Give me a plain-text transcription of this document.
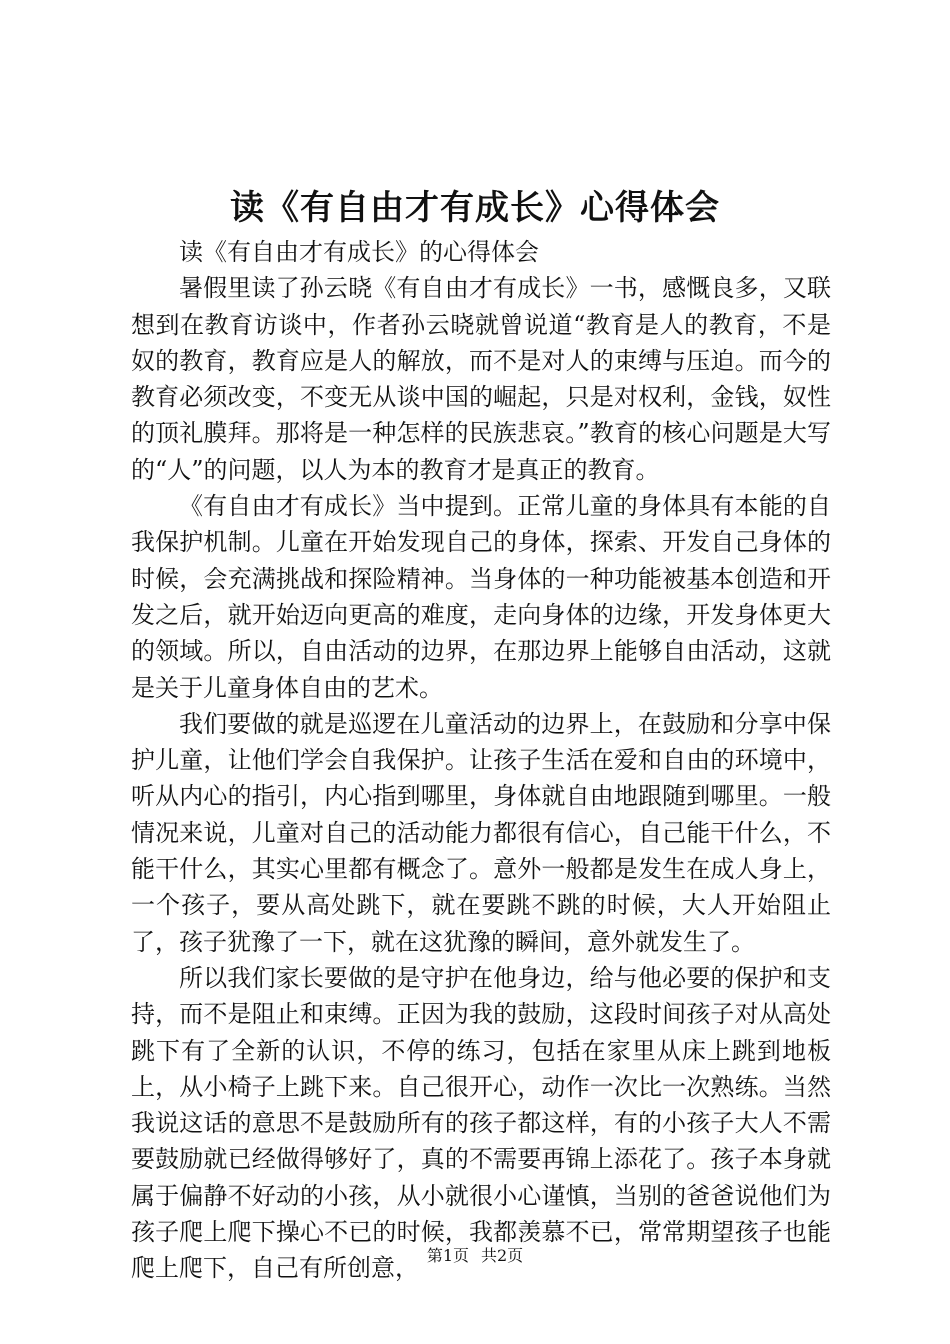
读《有自由才有成长》心得体会

读《有自由才有成长》的心得体会

暑假里读了孙云晓《有自由才有成长》一书，感慨良多，又联想到在教育访谈中，作者孙云晓就曾说道“教育是人的教育，不是奴的教育，教育应是人的解放，而不是对人的束缚与压迫。而今的教育必须改变，不变无从谈中国的崛起，只是对权利，金钱，奴性的顶礼膜拜。那将是一种怎样的民族悲哀。”教育的核心问题是大写的“人”的问题，以人为本的教育才是真正的教育。

《有自由才有成长》当中提到。正常儿童的身体具有本能的自我保护机制。儿童在开始发现自己的身体，探索、开发自己身体的时候，会充满挑战和探险精神。当身体的一种功能被基本创造和开发之后，就开始迈向更高的难度，走向身体的边缘，开发身体更大的领域。所以，自由活动的边界，在那边界上能够自由活动，这就是关于儿童身体自由的艺术。

我们要做的就是巡逻在儿童活动的边界上，在鼓励和分享中保护儿童，让他们学会自我保护。让孩子生活在爱和自由的环境中，听从内心的指引，内心指到哪里，身体就自由地跟随到哪里。一般情况来说，儿童对自己的活动能力都很有信心，自己能干什么，不能干什么，其实心里都有概念了。意外一般都是发生在成人身上，一个孩子，要从高处跳下，就在要跳不跳的时候，大人开始阻止了，孩子犹豫了一下，就在这犹豫的瞬间，意外就发生了。

所以我们家长要做的是守护在他身边，给与他必要的保护和支持，而不是阻止和束缚。正因为我的鼓励，这段时间孩子对从高处跳下有了全新的认识，不停的练习，包括在家里从床上跳到地板上，从小椅子上跳下来。自己很开心，动作一次比一次熟练。当然我说这话的意思不是鼓励所有的孩子都这样，有的小孩子大人不需要鼓励就已经做得够好了，真的不需要再锦上添花了。孩子本身就属于偏静不好动的小孩，从小就很小心谨慎，当别的爸爸说他们为孩子爬上爬下操心不已的时候，我都羡慕不已，常常期望孩子也能爬上爬下，自己有所创意， 第1页 共2页
